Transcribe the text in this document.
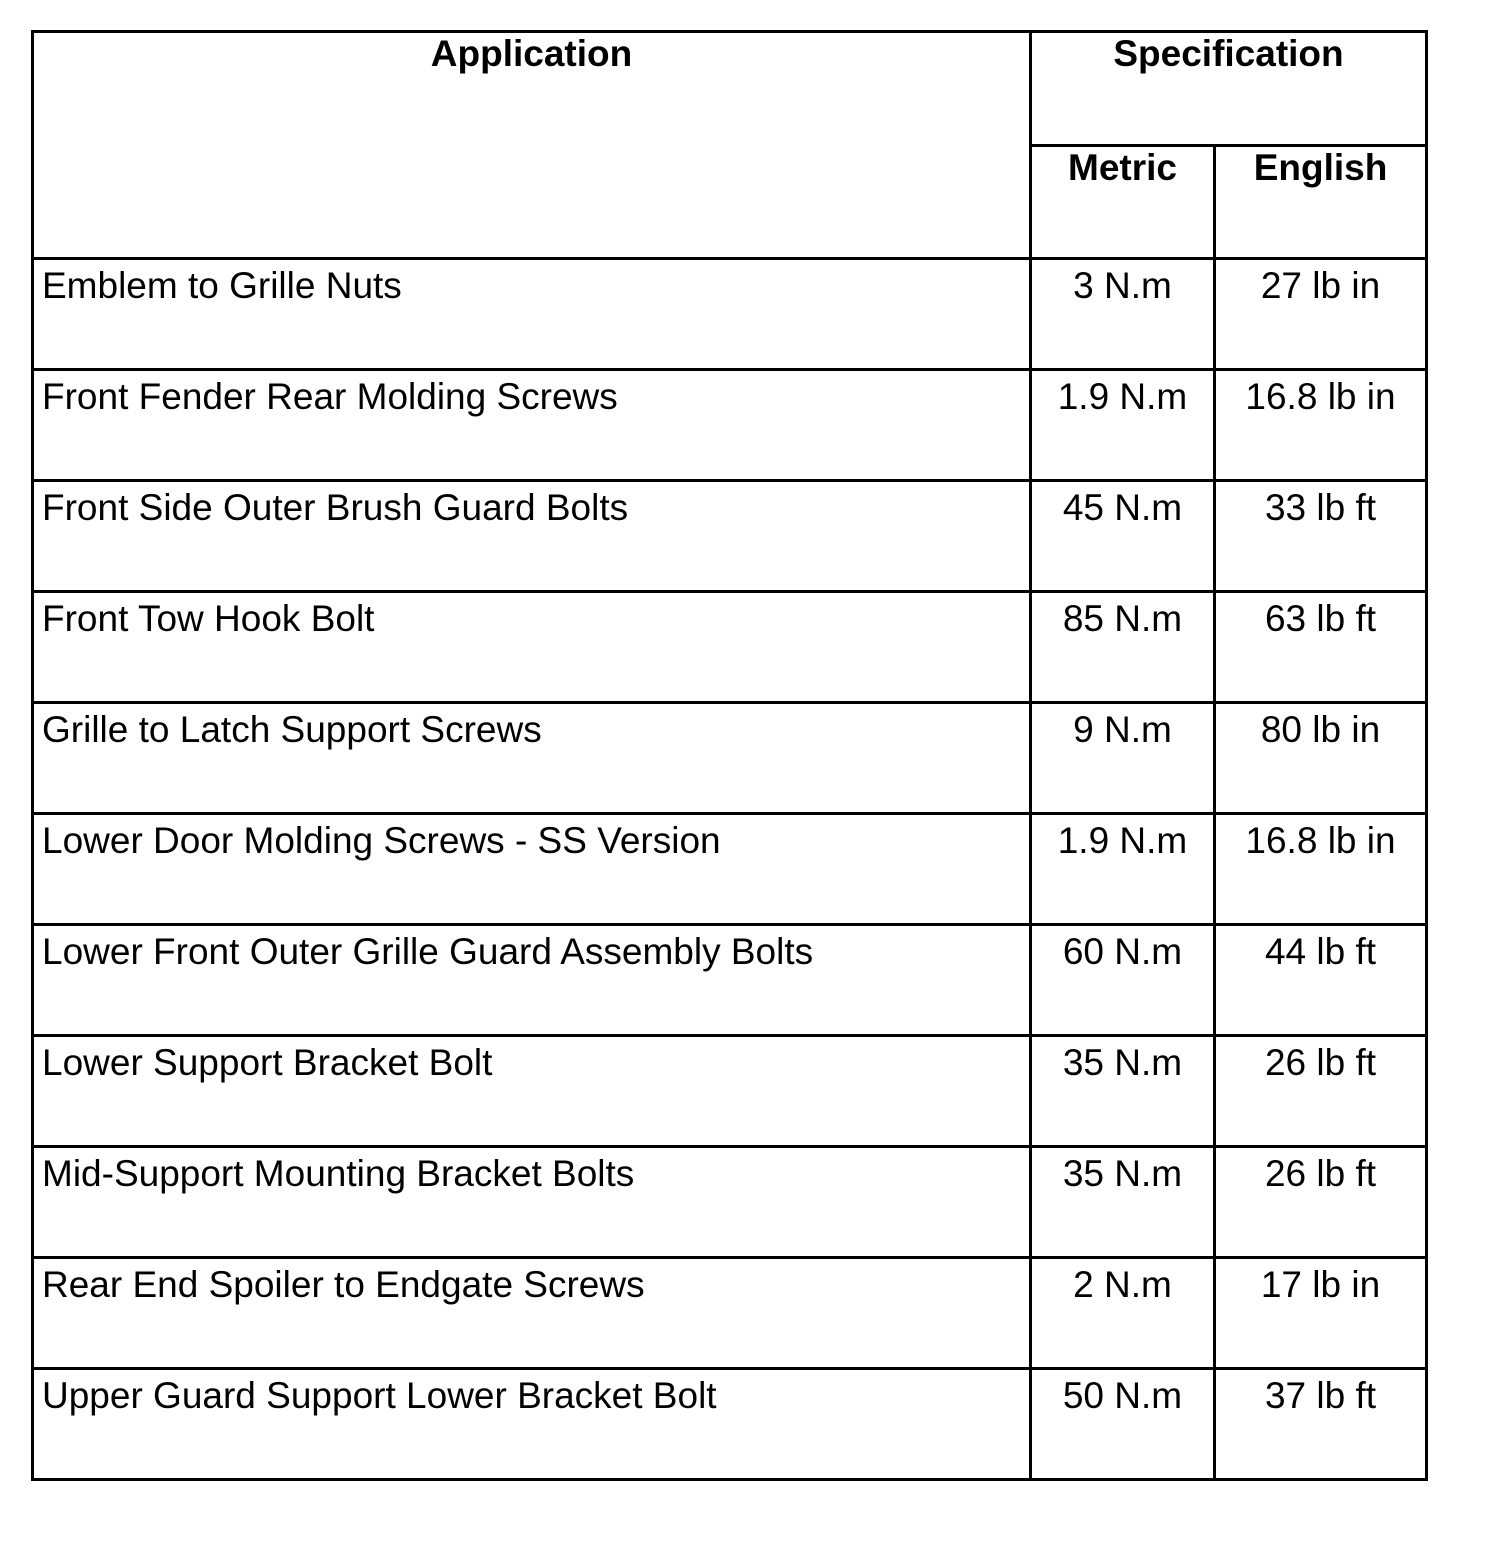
Application	Specification	
	Metric	English
Emblem to Grille Nuts	3 N.m	27 lb in
Front Fender Rear Molding Screws	1.9 N.m	16.8 lb in
Front Side Outer Brush Guard Bolts	45 N.m	33 lb ft
Front Tow Hook Bolt	85 N.m	63 lb ft
Grille to Latch Support Screws	9 N.m	80 lb in
Lower Door Molding Screws - SS Version	1.9 N.m	16.8 lb in
Lower Front Outer Grille Guard Assembly Bolts	60 N.m	44 lb ft
Lower Support Bracket Bolt	35 N.m	26 lb ft
Mid-Support Mounting Bracket Bolts	35 N.m	26 lb ft
Rear End Spoiler to Endgate Screws	2 N.m	17 lb in
Upper Guard Support Lower Bracket Bolt	50 N.m	37 lb ft
